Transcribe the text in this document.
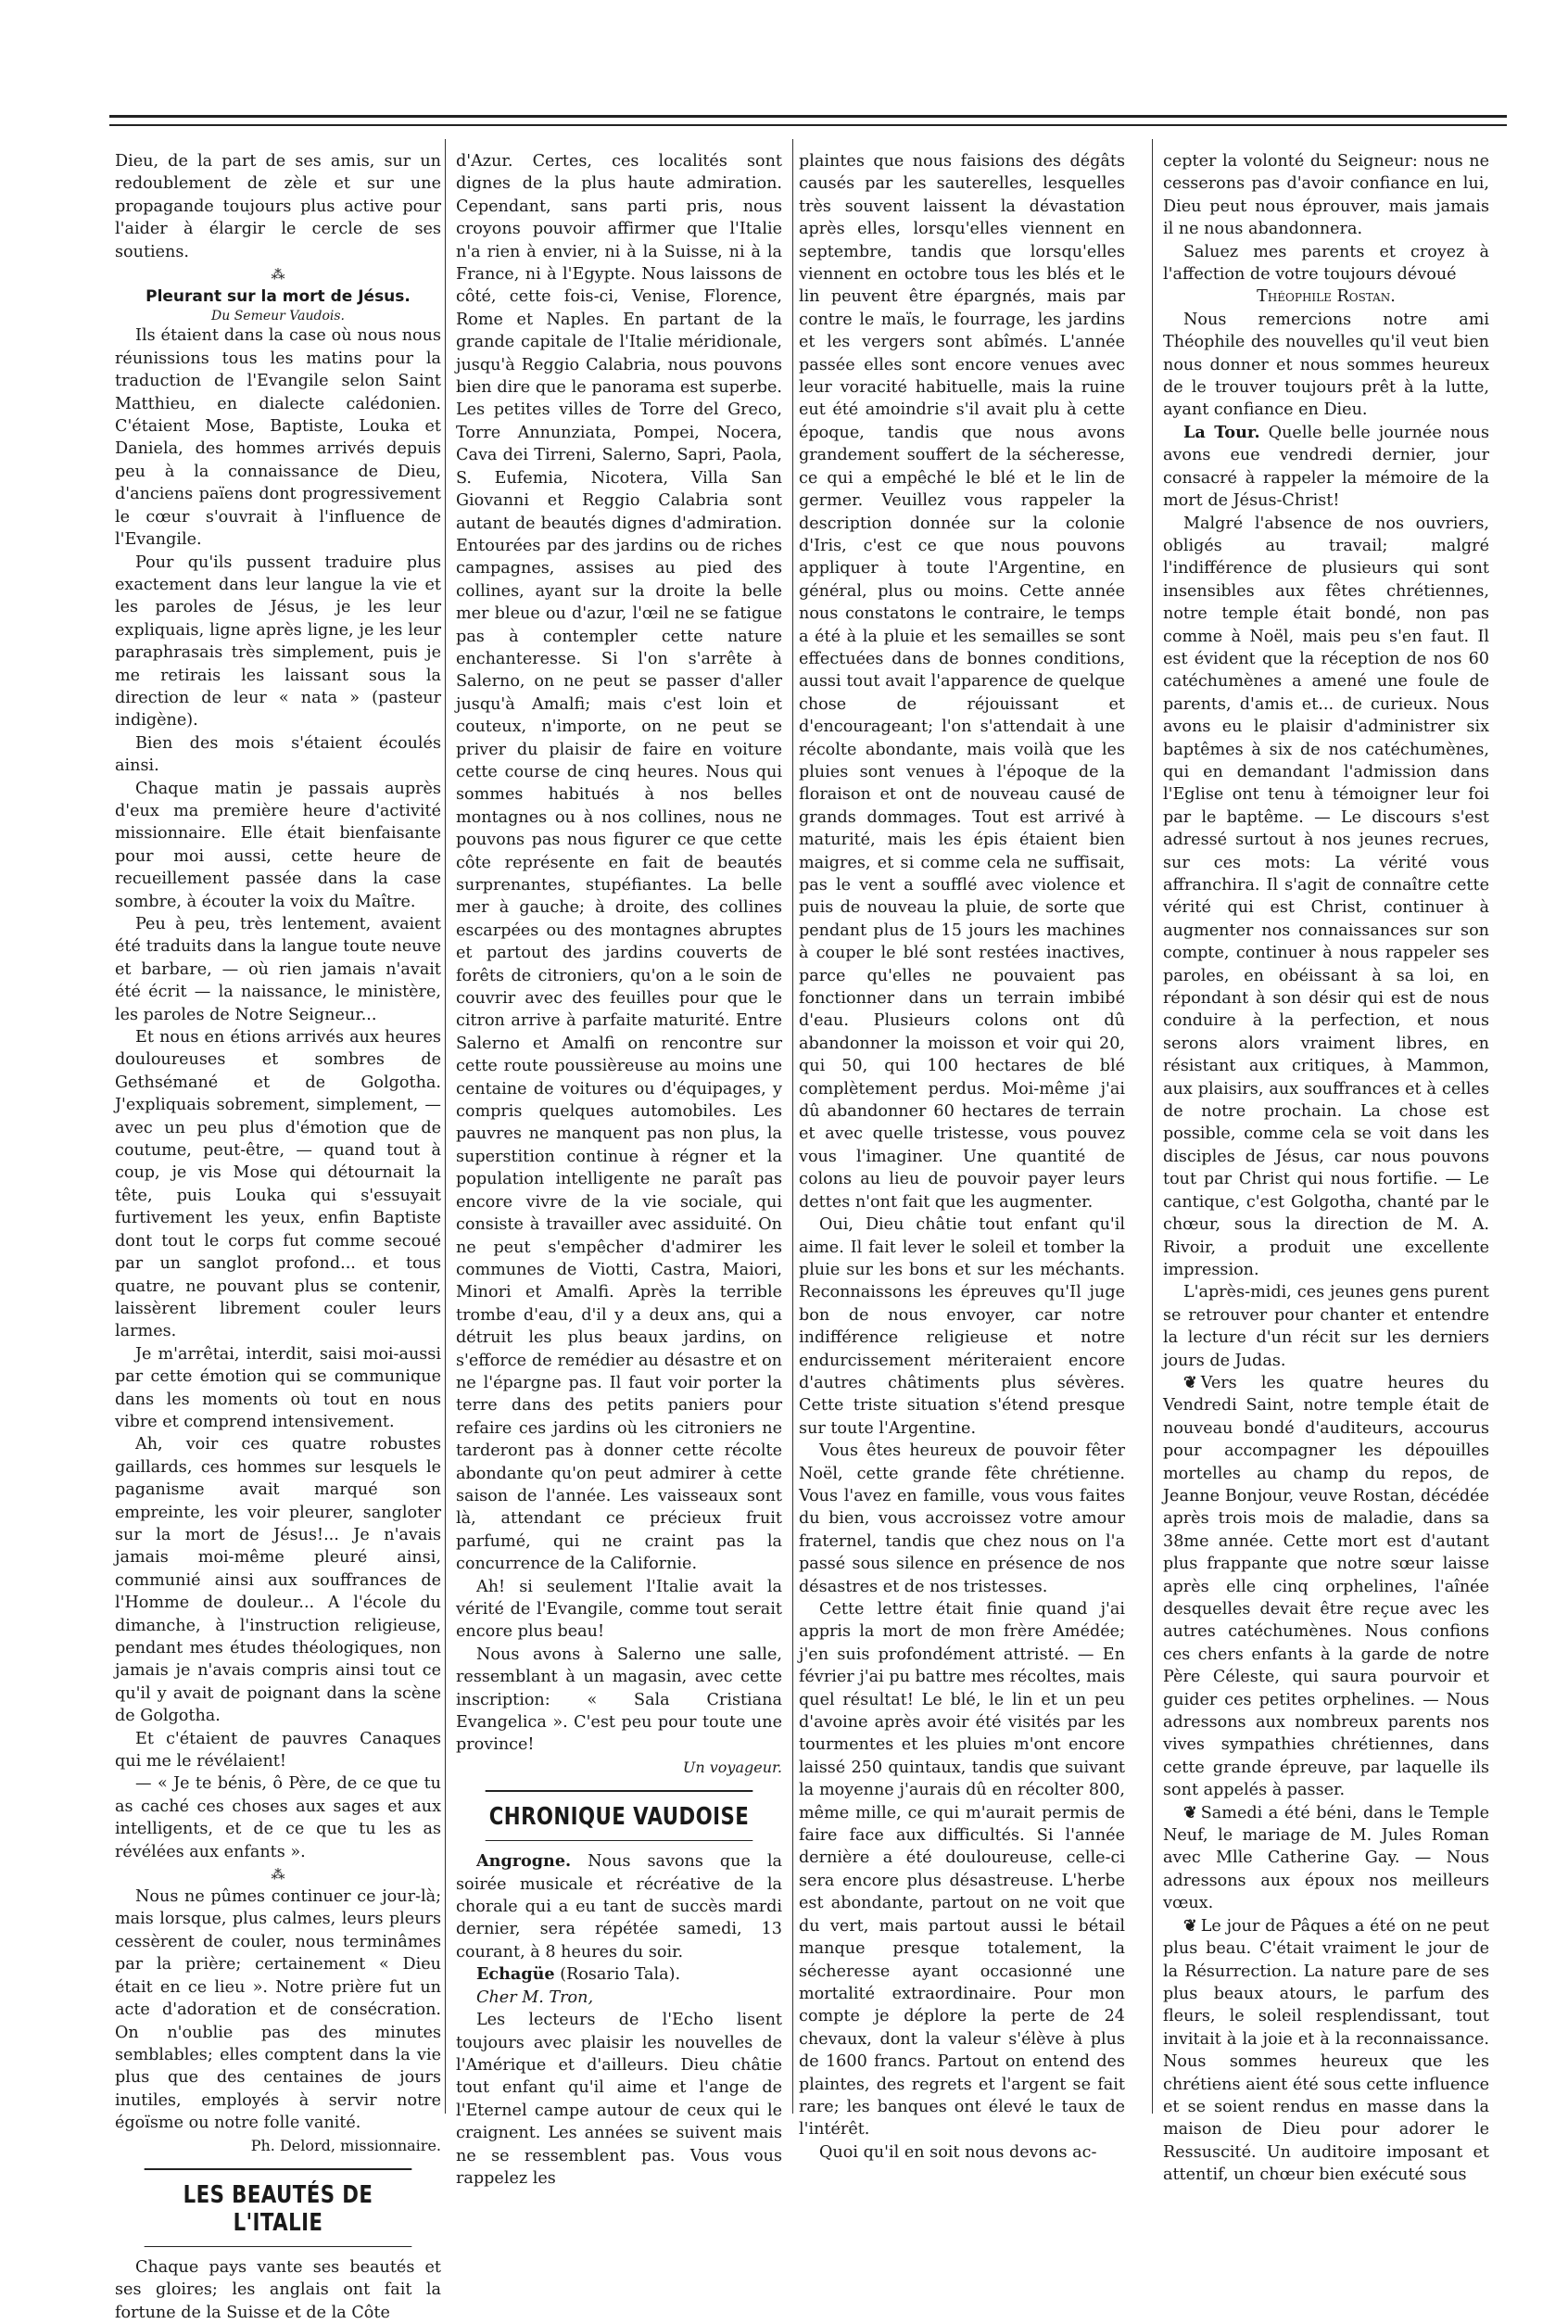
Dieu, de la part de ses amis, sur un redoublement de zèle et sur une propagande toujours plus active pour l'aider à élargir le cercle de ses soutiens.

⁂
Pleurant sur la mort de Jésus.
Du Semeur Vaudois.

Ils étaient dans la case où nous nous réunissions tous les matins pour la traduction de l'Evangile selon Saint Matthieu, en dialecte calédonien. C'étaient Mose, Baptiste, Louka et Daniela, des hommes arrivés depuis peu à la connaissance de Dieu, d'anciens païens dont progressivement le cœur s'ouvrait à l'influence de l'Evangile.

Pour qu'ils pussent traduire plus exactement dans leur langue la vie et les paroles de Jésus, je les leur expliquais, ligne après ligne, je les leur paraphrasais très simplement, puis je me retirais les laissant sous la direction de leur « nata » (pasteur indigène).

Bien des mois s'étaient écoulés ainsi.

Chaque matin je passais auprès d'eux ma première heure d'activité missionnaire. Elle était bienfaisante pour moi aussi, cette heure de recueillement passée dans la case sombre, à écouter la voix du Maître.

Peu à peu, très lentement, avaient été traduits dans la langue toute neuve et barbare, — où rien jamais n'avait été écrit — la naissance, le ministère, les paroles de Notre Seigneur...

Et nous en étions arrivés aux heures douloureuses et sombres de Gethsémané et de Golgotha. J'expliquais sobrement, simplement, — avec un peu plus d'émotion que de coutume, peut-être, — quand tout à coup, je vis Mose qui détournait la tête, puis Louka qui s'essuyait furtivement les yeux, enfin Baptiste dont tout le corps fut comme secoué par un sanglot profond... et tous quatre, ne pouvant plus se contenir, laissèrent librement couler leurs larmes.

Je m'arrêtai, interdit, saisi moi-aussi par cette émotion qui se communique dans les moments où tout en nous vibre et comprend intensivement.

Ah, voir ces quatre robustes gaillards, ces hommes sur lesquels le paganisme avait marqué son empreinte, les voir pleurer, sangloter sur la mort de Jésus!... Je n'avais jamais moi-même pleuré ainsi, communié ainsi aux souffrances de l'Homme de douleur... A l'école du dimanche, à l'instruction religieuse, pendant mes études théologiques, non jamais je n'avais compris ainsi tout ce qu'il y avait de poignant dans la scène de Golgotha.

Et c'étaient de pauvres Canaques qui me le révélaient!

— « Je te bénis, ô Père, de ce que tu as caché ces choses aux sages et aux intelligents, et de ce que tu les as révélées aux enfants ».

⁂

Nous ne pûmes continuer ce jour-là; mais lorsque, plus calmes, leurs pleurs cessèrent de couler, nous terminâmes par la prière; certainement « Dieu était en ce lieu ». Notre prière fut un acte d'adoration et de consécration. On n'oublie pas des minutes semblables; elles comptent dans la vie plus que des centaines de jours inutiles, employés à servir notre égoïsme ou notre folle vanité.

Ph. Delord, missionnaire.
LES BEAUTÉS DE L'ITALIE

Chaque pays vante ses beautés et ses gloires; les anglais ont fait la fortune de la Suisse et de la Côte

d'Azur. Certes, ces localités sont dignes de la plus haute admiration. Cependant, sans parti pris, nous croyons pouvoir affirmer que l'Italie n'a rien à envier, ni à la Suisse, ni à la France, ni à l'Egypte. Nous laissons de côté, cette fois-ci, Venise, Florence, Rome et Naples. En partant de la grande capitale de l'Italie méridionale, jusqu'à Reggio Calabria, nous pouvons bien dire que le panorama est superbe. Les petites villes de Torre del Greco, Torre Annunziata, Pompei, Nocera, Cava dei Tirreni, Salerno, Sapri, Paola, S. Eufemia, Nicotera, Villa San Giovanni et Reggio Calabria sont autant de beautés dignes d'admiration. Entourées par des jardins ou de riches campagnes, assises au pied des collines, ayant sur la droite la belle mer bleue ou d'azur, l'œil ne se fatigue pas à contempler cette nature enchanteresse. Si l'on s'arrête à Salerno, on ne peut se passer d'aller jusqu'à Amalfi; mais c'est loin et couteux, n'importe, on ne peut se priver du plaisir de faire en voiture cette course de cinq heures. Nous qui sommes habitués à nos belles montagnes ou à nos collines, nous ne pouvons pas nous figurer ce que cette côte représente en fait de beautés surprenantes, stupéfiantes. La belle mer à gauche; à droite, des collines escarpées ou des montagnes abruptes et partout des jardins couverts de forêts de citroniers, qu'on a le soin de couvrir avec des feuilles pour que le citron arrive à parfaite maturité. Entre Salerno et Amalfi on rencontre sur cette route poussièreuse au moins une centaine de voitures ou d'équipages, y compris quelques automobiles. Les pauvres ne manquent pas non plus, la superstition continue à régner et la population intelligente ne paraît pas encore vivre de la vie sociale, qui consiste à travailler avec assiduité. On ne peut s'empêcher d'admirer les communes de Viotti, Castra, Maiori, Minori et Amalfi. Après la terrible trombe d'eau, d'il y a deux ans, qui a détruit les plus beaux jardins, on s'efforce de remédier au désastre et on ne l'épargne pas. Il faut voir porter la terre dans des petits paniers pour refaire ces jardins où les citroniers ne tarderont pas à donner cette récolte abondante qu'on peut admirer à cette saison de l'année. Les vaisseaux sont là, attendant ce précieux fruit parfumé, qui ne craint pas la concurrence de la Californie.

Ah! si seulement l'Italie avait la vérité de l'Evangile, comme tout serait encore plus beau!

Nous avons à Salerno une salle, ressemblant à un magasin, avec cette inscription: « Sala Cristiana Evangelica ». C'est peu pour toute une province!

Un voyageur.
CHRONIQUE VAUDOISE

Angrogne. Nous savons que la soirée musicale et récréative de la chorale qui a eu tant de succès mardi dernier, sera répétée samedi, 13 courant, à 8 heures du soir.

Echagüe (Rosario Tala).

Cher M. Tron,

Les lecteurs de l'Echo lisent toujours avec plaisir les nouvelles de l'Amérique et d'ailleurs. Dieu châtie tout enfant qu'il aime et l'ange de l'Eternel campe autour de ceux qui le craignent. Les années se suivent mais ne se ressemblent pas. Vous vous rappelez les

plaintes que nous faisions des dégâts causés par les sauterelles, lesquelles très souvent laissent la dévastation après elles, lorsqu'elles viennent en septembre, tandis que lorsqu'elles viennent en octobre tous les blés et le lin peuvent être épargnés, mais par contre le maïs, le fourrage, les jardins et les vergers sont abîmés. L'année passée elles sont encore venues avec leur voracité habituelle, mais la ruine eut été amoindrie s'il avait plu à cette époque, tandis que nous avons grandement souffert de la sécheresse, ce qui a empêché le blé et le lin de germer. Veuillez vous rappeler la description donnée sur la colonie d'Iris, c'est ce que nous pouvons appliquer à toute l'Argentine, en général, plus ou moins. Cette année nous constatons le contraire, le temps a été à la pluie et les semailles se sont effectuées dans de bonnes conditions, aussi tout avait l'apparence de quelque chose de réjouissant et d'encourageant; l'on s'attendait à une récolte abondante, mais voilà que les pluies sont venues à l'époque de la floraison et ont de nouveau causé de grands dommages. Tout est arrivé à maturité, mais les épis étaient bien maigres, et si comme cela ne suffisait, pas le vent a soufflé avec violence et puis de nouveau la pluie, de sorte que pendant plus de 15 jours les machines à couper le blé sont restées inactives, parce qu'elles ne pouvaient pas fonctionner dans un terrain imbibé d'eau. Plusieurs colons ont dû abandonner la moisson et voir qui 20, qui 50, qui 100 hectares de blé complètement perdus. Moi-même j'ai dû abandonner 60 hectares de terrain et avec quelle tristesse, vous pouvez vous l'imaginer. Une quantité de colons au lieu de pouvoir payer leurs dettes n'ont fait que les augmenter.

Oui, Dieu châtie tout enfant qu'il aime. Il fait lever le soleil et tomber la pluie sur les bons et sur les méchants. Reconnaissons les épreuves qu'Il juge bon de nous envoyer, car notre indifférence religieuse et notre endurcissement mériteraient encore d'autres châtiments plus sévères. Cette triste situation s'étend presque sur toute l'Argentine.

Vous êtes heureux de pouvoir fêter Noël, cette grande fête chrétienne. Vous l'avez en famille, vous vous faites du bien, vous accroissez votre amour fraternel, tandis que chez nous on l'a passé sous silence en présence de nos désastres et de nos tristesses.

Cette lettre était finie quand j'ai appris la mort de mon frère Amédée; j'en suis profondément attristé. — En février j'ai pu battre mes récoltes, mais quel résultat! Le blé, le lin et un peu d'avoine après avoir été visités par les tourmentes et les pluies m'ont encore laissé 250 quintaux, tandis que suivant la moyenne j'aurais dû en récolter 800, même mille, ce qui m'aurait permis de faire face aux difficultés. Si l'année dernière a été douloureuse, celle-ci sera encore plus désastreuse. L'herbe est abondante, partout on ne voit que du vert, mais partout aussi le bétail manque presque totalement, la sécheresse ayant occasionné une mortalité extraordinaire. Pour mon compte je déplore la perte de 24 chevaux, dont la valeur s'élève à plus de 1600 francs. Partout on entend des plaintes, des regrets et l'argent se fait rare; les banques ont élevé le taux de l'intérêt.

Quoi qu'il en soit nous devons ac-

cepter la volonté du Seigneur: nous ne cesserons pas d'avoir confiance en lui, Dieu peut nous éprouver, mais jamais il ne nous abandonnera.

Saluez mes parents et croyez à l'affection de votre toujours dévoué

Théophile Rostan.

Nous remercions notre ami Théophile des nouvelles qu'il veut bien nous donner et nous sommes heureux de le trouver toujours prêt à la lutte, ayant confiance en Dieu.

La Tour. Quelle belle journée nous avons eue vendredi dernier, jour consacré à rappeler la mémoire de la mort de Jésus-Christ!

Malgré l'absence de nos ouvriers, obligés au travail; malgré l'indifférence de plusieurs qui sont insensibles aux fêtes chrétiennes, notre temple était bondé, non pas comme à Noël, mais peu s'en faut. Il est évident que la réception de nos 60 catéchumènes a amené une foule de parents, d'amis et... de curieux. Nous avons eu le plaisir d'administrer six baptêmes à six de nos catéchumènes, qui en demandant l'admission dans l'Eglise ont tenu à témoigner leur foi par le baptême. — Le discours s'est adressé surtout à nos jeunes recrues, sur ces mots: La vérité vous affranchira. Il s'agit de connaître cette vérité qui est Christ, continuer à augmenter nos connaissances sur son compte, continuer à nous rappeler ses paroles, en obéissant à sa loi, en répondant à son désir qui est de nous conduire à la perfection, et nous serons alors vraiment libres, en résistant aux critiques, à Mammon, aux plaisirs, aux souffrances et à celles de notre prochain. La chose est possible, comme cela se voit dans les disciples de Jésus, car nous pouvons tout par Christ qui nous fortifie. — Le cantique, c'est Golgotha, chanté par le chœur, sous la direction de M. A. Rivoir, a produit une excellente impression.

L'après-midi, ces jeunes gens purent se retrouver pour chanter et entendre la lecture d'un récit sur les derniers jours de Judas.

❦ Vers les quatre heures du Vendredi Saint, notre temple était de nouveau bondé d'auditeurs, accourus pour accompagner les dépouilles mortelles au champ du repos, de Jeanne Bonjour, veuve Rostan, décédée après trois mois de maladie, dans sa 38me année. Cette mort est d'autant plus frappante que notre sœur laisse après elle cinq orphelines, l'aînée desquelles devait être reçue avec les autres catéchumènes. Nous confions ces chers enfants à la garde de notre Père Céleste, qui saura pourvoir et guider ces petites orphelines. — Nous adressons aux nombreux parents nos vives sympathies chrétiennes, dans cette grande épreuve, par laquelle ils sont appelés à passer.

❦ Samedi a été béni, dans le Temple Neuf, le mariage de M. Jules Roman avec Mlle Catherine Gay. — Nous adressons aux époux nos meilleurs vœux.

❦ Le jour de Pâques a été on ne peut plus beau. C'était vraiment le jour de la Résurrection. La nature pare de ses plus beaux atours, le parfum des fleurs, le soleil resplendissant, tout invitait à la joie et à la reconnaissance. Nous sommes heureux que les chrétiens aient été sous cette influence et se soient rendus en masse dans la maison de Dieu pour adorer le Ressuscité. Un auditoire imposant et attentif, un chœur bien exécuté sous
